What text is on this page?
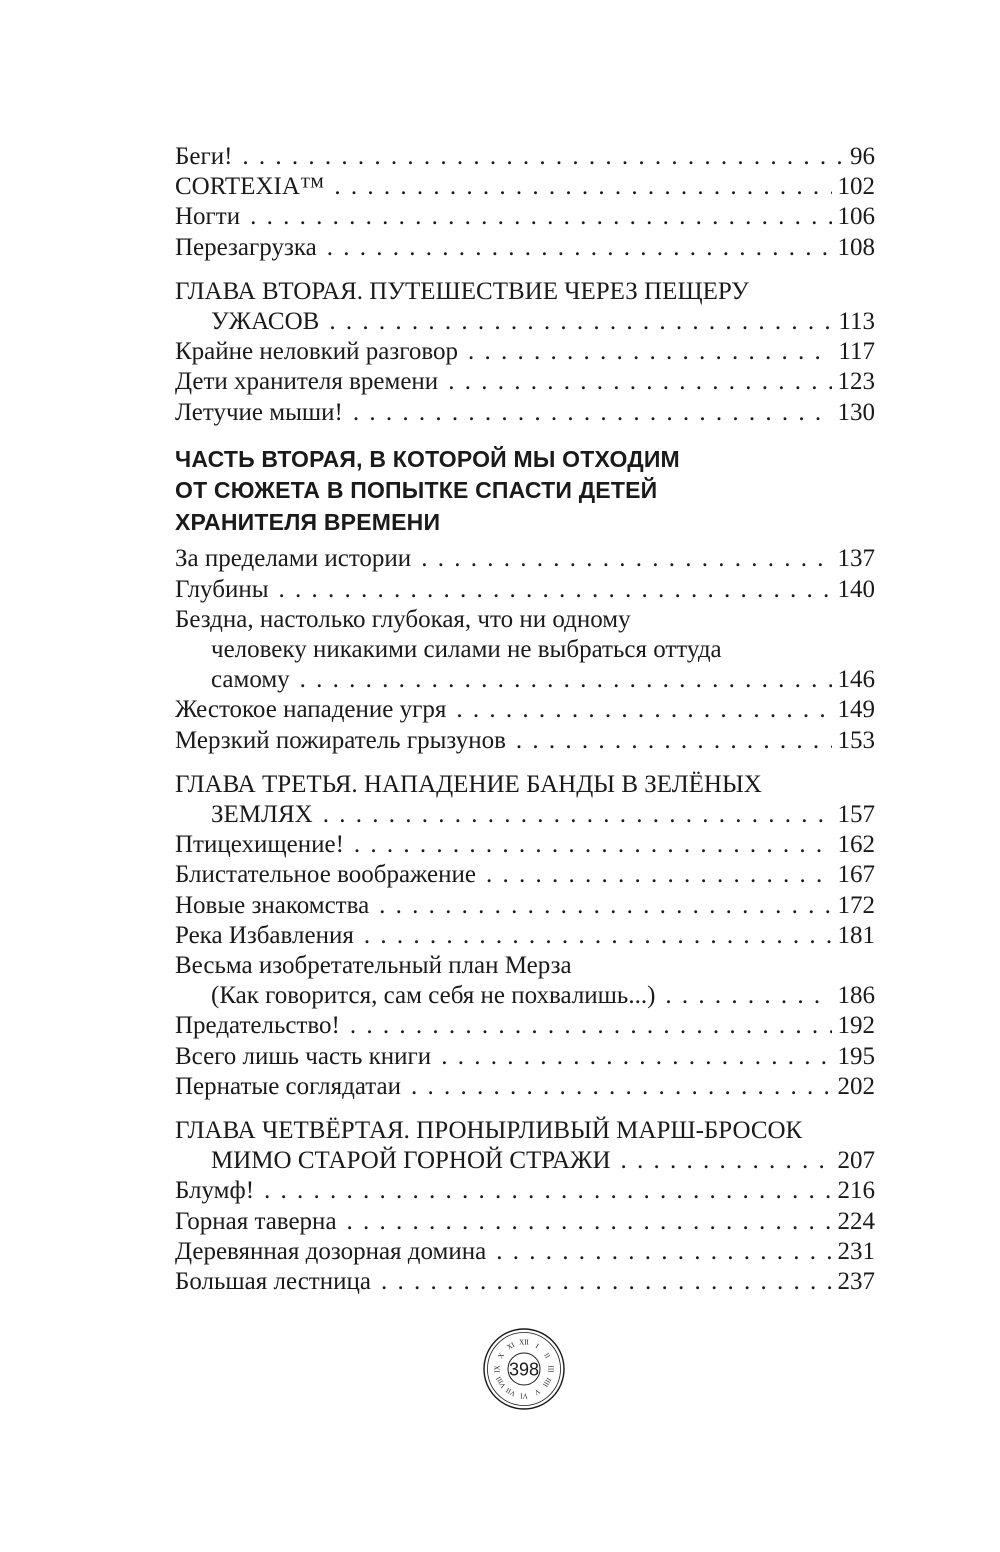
Беги! . . .	96
CORTEXIA™ . . .	102
Ногти . . .	106
Перезагрузка . . .	108
ГЛАВА ВТОРАЯ. ПУТЕШЕСТВИЕ ЧЕРЕЗ ПЕЩЕРУ
УЖАСОВ . . .	113
Крайне неловкий разговор . . .	117
Дети хранителя времени . . .	123
Летучие мыши! . . .	130
ЧАСТЬ ВТОРАЯ, В КОТОРОЙ МЫ ОТХОДИМ
ОТ СЮЖЕТА В ПОПЫТКЕ СПАСТИ ДЕТЕЙ
ХРАНИТЕЛЯ ВРЕМЕНИ
За пределами истории . . .	137
Глубины . . .	140
Бездна, настолько глубокая, что ни одному
человеку никакими силами не выбраться оттуда
самому . . .	146
Жестокое нападение угря . . .	149
Мерзкий пожиратель грызунов . . .	153
ГЛАВА ТРЕТЬЯ. НАПАДЕНИЕ БАНДЫ В ЗЕЛЁНЫХ
ЗЕМЛЯХ . . .	157
Птицехищение! . . .	162
Блистательное воображение . . .	167
Новые знакомства . . .	172
Река Избавления . . .	181
Весьма изобретательный план Мерза
(Как говорится, сам себя не похвалишь...) . . .	186
Предательство! . . .	192
Всего лишь часть книги . . .	195
Пернатые соглядатаи . . .	202
ГЛАВА ЧЕТВЁРТАЯ. ПРОНЫРЛИВЫЙ МАРШ-БРОСОК
МИМО СТАРОЙ ГОРНОЙ СТРАЖИ . . .	207
Блумф! . . .	216
Горная таверна . . .	224
Деревянная дозорная домина . . .	231
Большая лестница . . .	237
XII I
II
III
IIII
V
VI
VII
VIII
IX
X
XI
398
